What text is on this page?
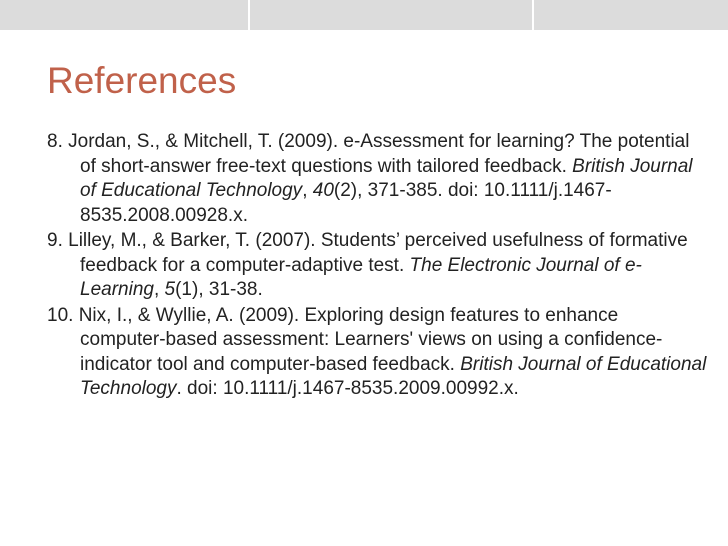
References
8. Jordan, S., & Mitchell, T. (2009). e-Assessment for learning? The potential of short-answer free-text questions with tailored feedback. British Journal of Educational Technology, 40(2), 371-385. doi: 10.1111/j.1467-8535.2008.00928.x.
9. Lilley, M., & Barker, T. (2007). Students’ perceived usefulness of formative feedback for a computer-adaptive test. The Electronic Journal of e-Learning, 5(1), 31-38.
10. Nix, I., & Wyllie, A. (2009). Exploring design features to enhance computer-based assessment: Learners' views on using a confidence-indicator tool and computer-based feedback. British Journal of Educational Technology. doi: 10.1111/j.1467-8535.2009.00992.x.
